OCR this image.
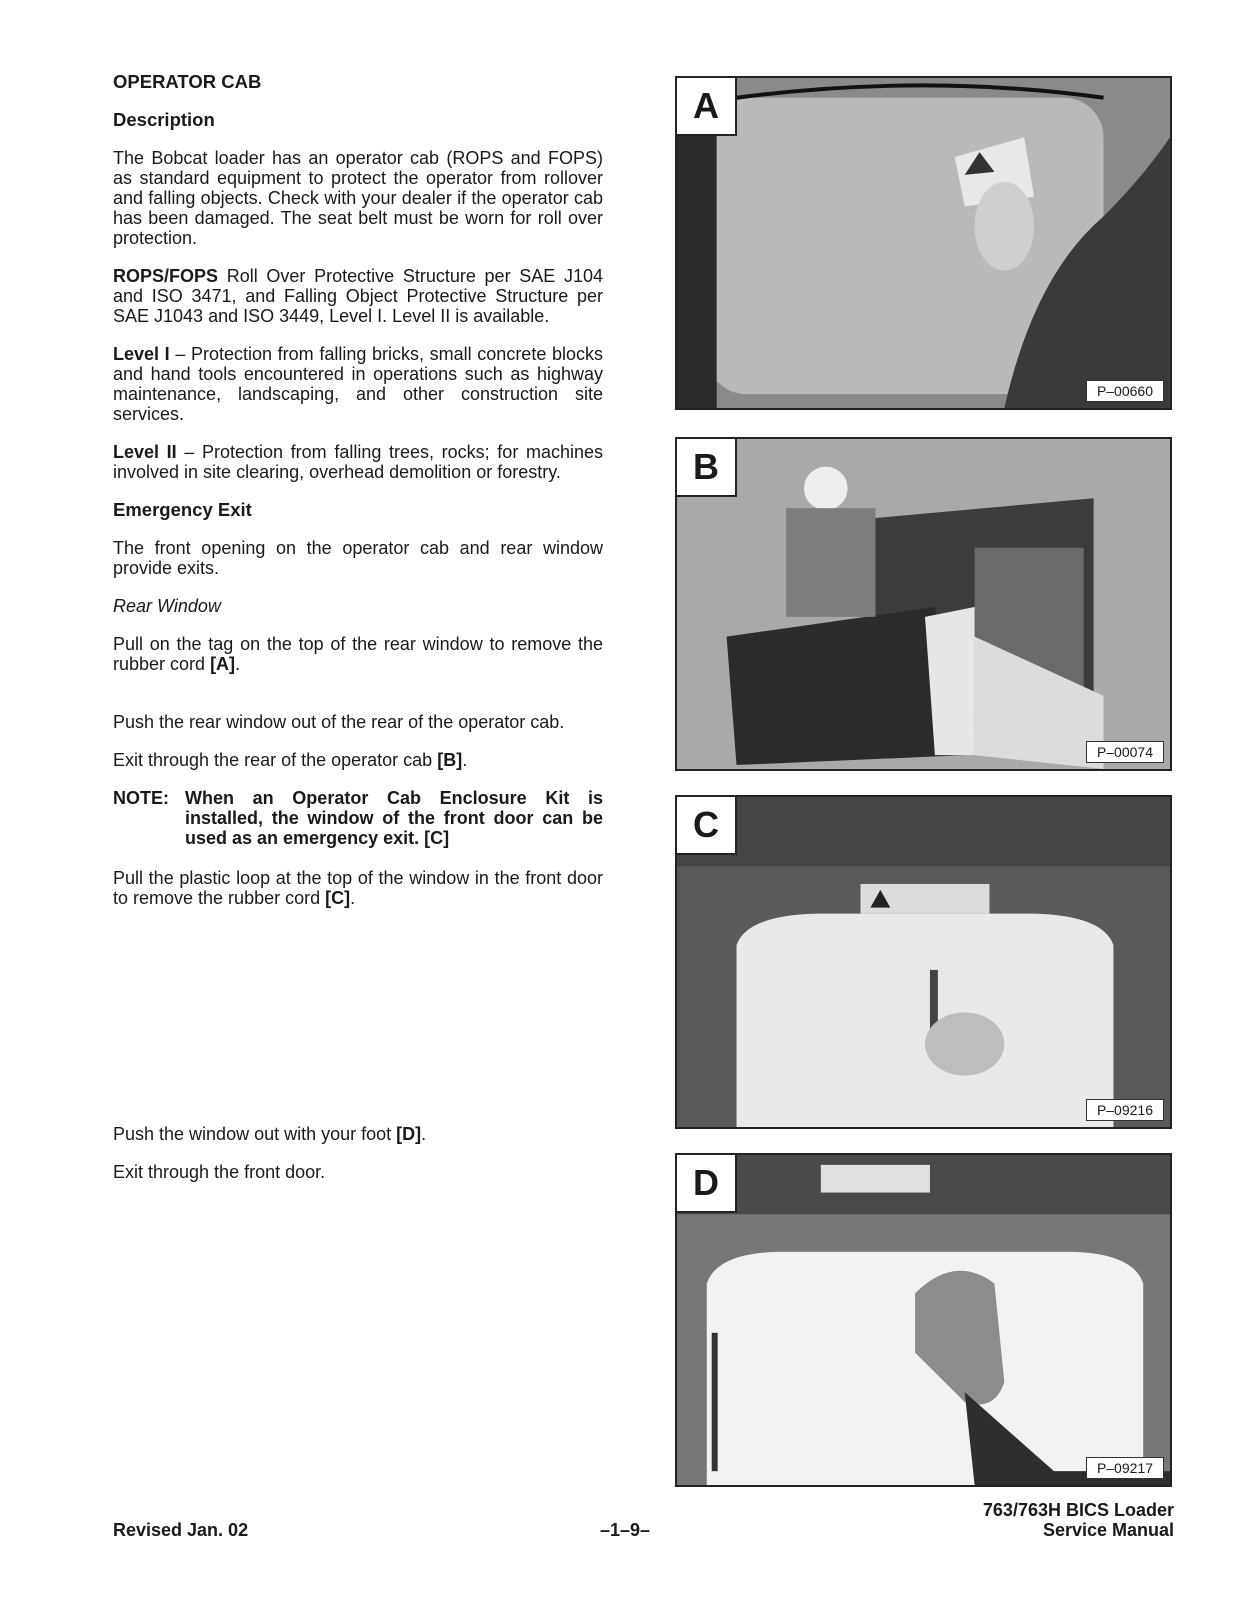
OPERATOR CAB
Description

The Bobcat loader has an operator cab (ROPS and FOPS) as standard equipment to protect the operator from rollover and falling objects. Check with your dealer if the operator cab has been damaged. The seat belt must be worn for roll over protection.

ROPS/FOPS Roll Over Protective Structure per SAE J104 and ISO 3471, and Falling Object Protective Structure per SAE J1043 and ISO 3449, Level I. Level II is available.

Level I – Protection from falling bricks, small concrete blocks and hand tools encountered in operations such as highway maintenance, landscaping, and other construction site services.

Level II – Protection from falling trees, rocks; for machines involved in site clearing, overhead demolition or forestry.

Emergency Exit

The front opening on the operator cab and rear window provide exits.

Rear Window

Pull on the tag on the top of the rear window to remove the rubber cord [A].

Push the rear window out of the rear of the operator cab.

Exit through the rear of the operator cab [B].

NOTE: When an Operator Cab Enclosure Kit is installed, the window of the front door can be used as an emergency exit. [C]

Pull the plastic loop at the top of the window in the front door to remove the rubber cord [C].

Push the window out with your foot [D].

Exit through the front door.

A
P–00660
B
P–00074
C
P–09216
D
P–09217
Revised Jan. 02	–1–9–
763/763H BICS Loader
Service Manual
